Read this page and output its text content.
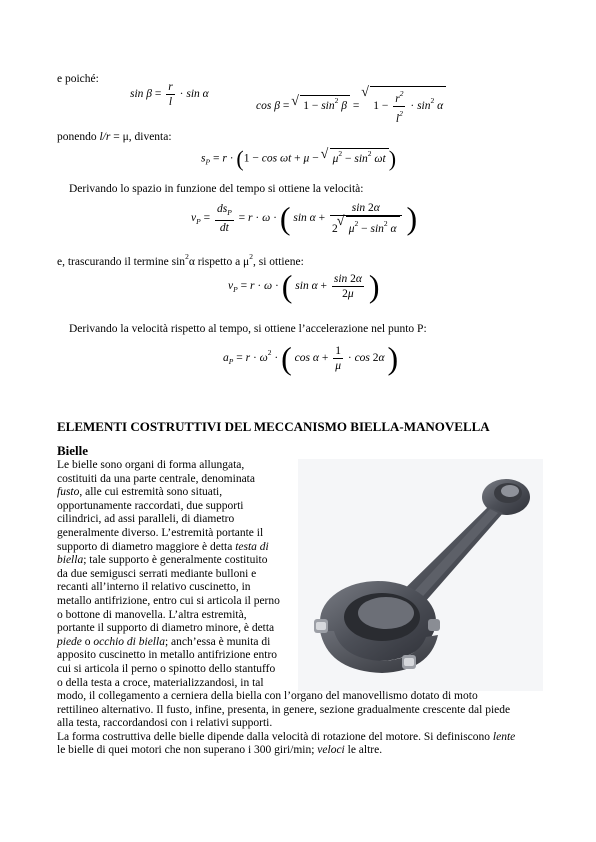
e poiché:
$\sin \beta = \frac{r}{l} \cdot \sin \alpha$
cos β = √ $1 - \sin^2 \beta$ = √ $1 - \frac{r^2}{l^2} \cdot \sin^2 \alpha$
ponendo l/r = μ, diventa:
$s_P = r \cdot (1 - \cos \omega t + \mu$ − √ $\mu^2 - \sin^2 \omega t$ )
Derivando lo spazio in funzione del tempo si ottiene la velocità:
$v_P = \frac{ds_P}{dt} = r \cdot \omega$ · ( $\sin \alpha + \frac{\sin 2\alpha}{2√ \mu^2 - \sin^2 \alpha}$ )
e, trascurando il termine $\sin^2\alpha$ rispetto a $\mu^2$, si ottiene:
$v_P = r \cdot \omega$ · ( $\sin \alpha + \frac{\sin 2\alpha}{2\mu}$ )
Derivando la velocità rispetto al tempo, si ottiene l’accelerazione nel punto P:
$a_P = r \cdot \omega^2$ · ( $\cos \alpha + \frac{1}{\mu} \cdot \cos 2\alpha$ )
ELEMENTI COSTRUTTIVI DEL MECCANISMO BIELLA-MANOVELLA
Bielle
Le bielle sono organi di forma allungata,
costituiti da una parte centrale, denominata
fusto, alle cui estremità sono situati,
opportunamente raccordati, due supporti
cilindrici, ad assi paralleli, di diametro
generalmente diverso. L’estremità portante il
supporto di diametro maggiore è detta testa di
biella; tale supporto è generalmente costituito
da due semigusci serrati mediante bulloni e
recanti all’interno il relativo cuscinetto, in
metallo antifrizione, entro cui si articola il perno
o bottone di manovella. L’altra estremità,
portante il supporto di diametro minore, è detta
piede o occhio di biella; anch’essa è munita di
apposito cuscinetto in metallo antifrizione entro
cui si articola il perno o spinotto dello stantuffo
o della testa a croce, materializzandosi, in tal
modo, il collegamento a cerniera della biella con l’organo del manovellismo dotato di moto
rettilineo alternativo. Il fusto, infine, presenta, in genere, sezione gradualmente crescente dal piede
alla testa, raccordandosi con i relativi supporti.
La forma costruttiva delle bielle dipende dalla velocità di rotazione del motore. Si definiscono lente
le bielle di quei motori che non superano i 300 giri/min; veloci le altre.
